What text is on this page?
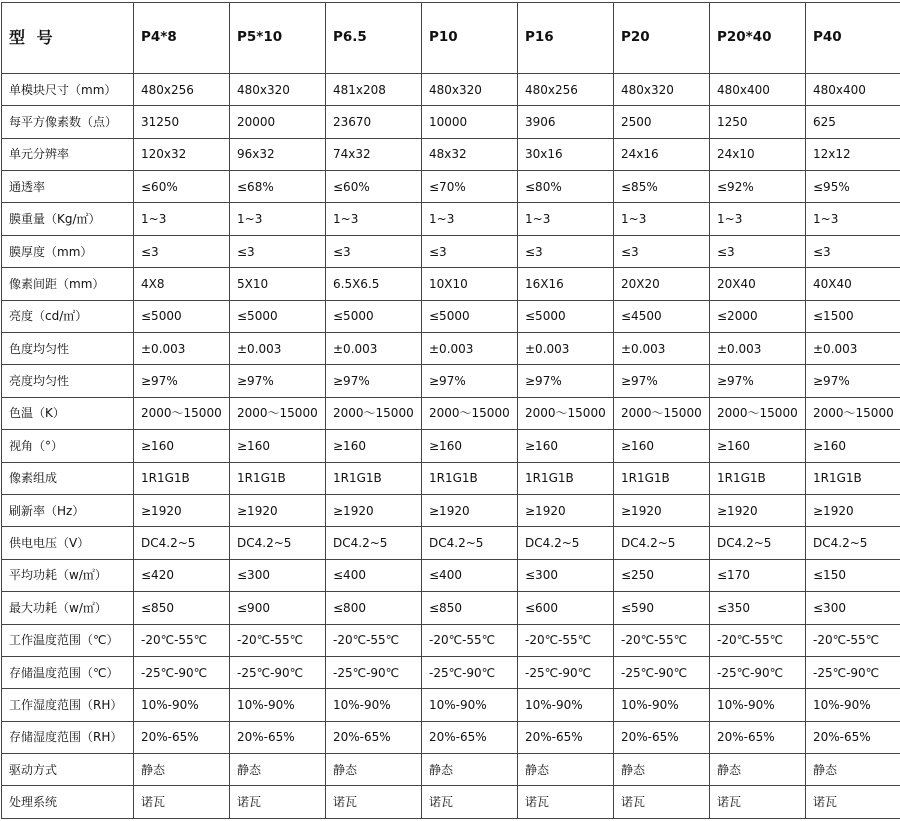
型 号	P4*8	P5*10	P6.5	P10	P16	P20	P20*40	P40
单模块尺寸（mm）	480x256	480x320	481x208	480x320	480x256	480x320	480x400	480x400
每平方像素数（点）	31250	20000	23670	10000	3906	2500	1250	625
单元分辨率	120x32	96x32	74x32	48x32	30x16	24x16	24x10	12x12
通透率	≤60%	≤68%	≤60%	≤70%	≤80%	≤85%	≤92%	≤95%
膜重量（Kg/㎡）	1~3	1~3	1~3	1~3	1~3	1~3	1~3	1~3
膜厚度（mm）	≤3	≤3	≤3	≤3	≤3	≤3	≤3	≤3
像素间距（mm）	4X8	5X10	6.5X6.5	10X10	16X16	20X20	20X40	40X40
亮度（cd/㎡）	≤5000	≤5000	≤5000	≤5000	≤5000	≤4500	≤2000	≤1500
色度均匀性	±0.003	±0.003	±0.003	±0.003	±0.003	±0.003	±0.003	±0.003
亮度均匀性	≥97%	≥97%	≥97%	≥97%	≥97%	≥97%	≥97%	≥97%
色温（K）	2000～15000	2000～15000	2000～15000	2000～15000	2000～15000	2000～15000	2000～15000	2000～15000
视角（°）	≥160	≥160	≥160	≥160	≥160	≥160	≥160	≥160
像素组成	1R1G1B	1R1G1B	1R1G1B	1R1G1B	1R1G1B	1R1G1B	1R1G1B	1R1G1B
刷新率（Hz）	≥1920	≥1920	≥1920	≥1920	≥1920	≥1920	≥1920	≥1920
供电电压（V）	DC4.2~5	DC4.2~5	DC4.2~5	DC4.2~5	DC4.2~5	DC4.2~5	DC4.2~5	DC4.2~5
平均功耗（w/㎡）	≤420	≤300	≤400	≤400	≤300	≤250	≤170	≤150
最大功耗（w/㎡）	≤850	≤900	≤800	≤850	≤600	≤590	≤350	≤300
工作温度范围（℃）	-20℃-55℃	-20℃-55℃	-20℃-55℃	-20℃-55℃	-20℃-55℃	-20℃-55℃	-20℃-55℃	-20℃-55℃
存储温度范围（℃）	-25℃-90℃	-25℃-90℃	-25℃-90℃	-25℃-90℃	-25℃-90℃	-25℃-90℃	-25℃-90℃	-25℃-90℃
工作湿度范围（RH）	10%-90%	10%-90%	10%-90%	10%-90%	10%-90%	10%-90%	10%-90%	10%-90%
存储湿度范围（RH）	20%-65%	20%-65%	20%-65%	20%-65%	20%-65%	20%-65%	20%-65%	20%-65%
驱动方式	静态	静态	静态	静态	静态	静态	静态	静态
处理系统	诺瓦	诺瓦	诺瓦	诺瓦	诺瓦	诺瓦	诺瓦	诺瓦
